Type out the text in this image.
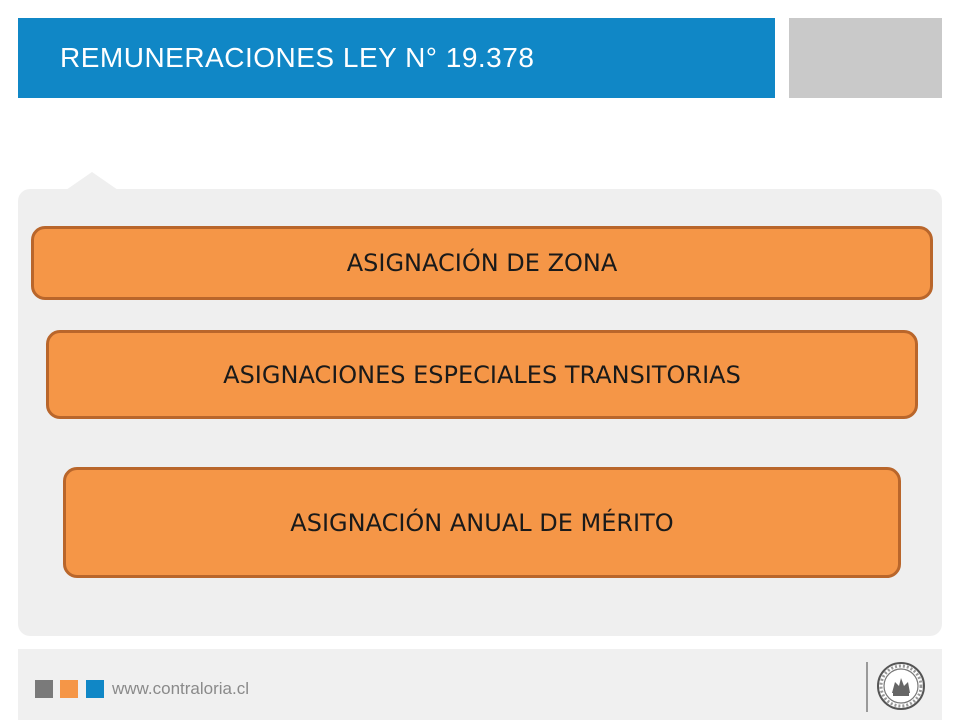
REMUNERACIONES LEY N° 19.378
ASIGNACIÓN DE ZONA
ASIGNACIONES ESPECIALES TRANSITORIAS
ASIGNACIÓN ANUAL DE MÉRITO
www.contraloria.cl
